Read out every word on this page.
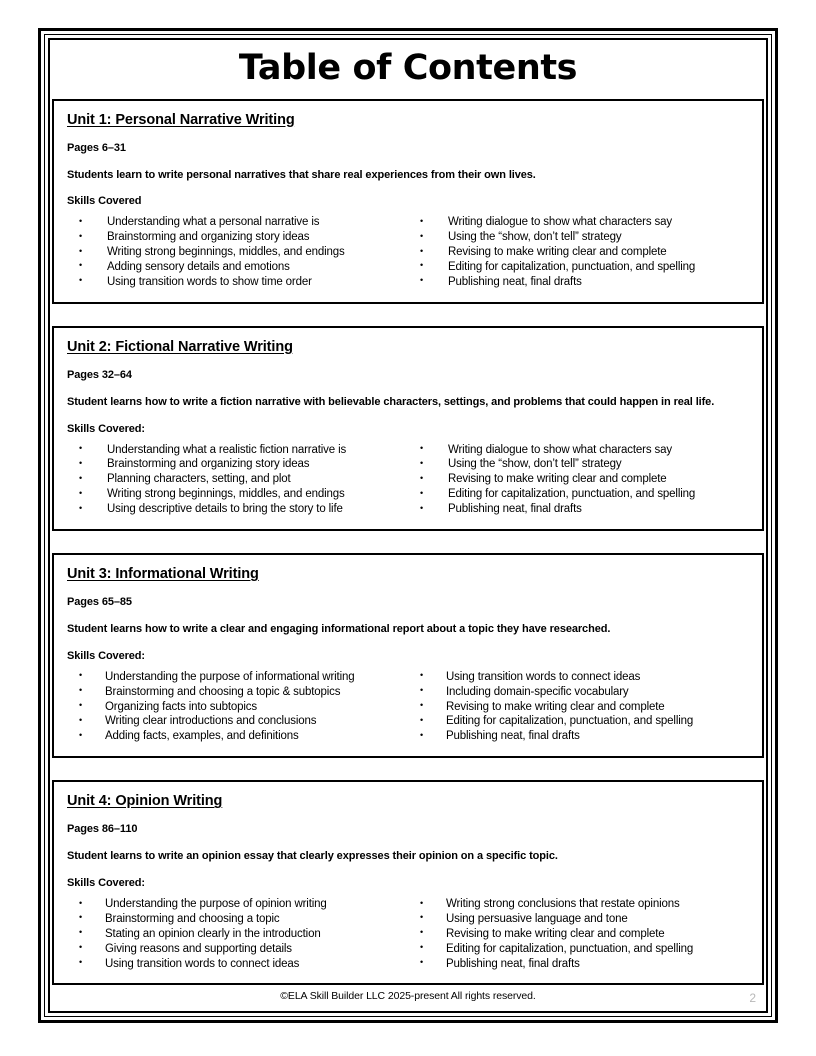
Table of Contents
Unit 1: Personal Narrative Writing
Pages 6–31
Students learn to write personal narratives that share real experiences from their own lives.
Skills Covered
• Understanding what a personal narrative is
• Brainstorming and organizing story ideas
• Writing strong beginnings, middles, and endings
• Adding sensory details and emotions
• Using transition words to show time order
• Writing dialogue to show what characters say
• Using the “show, don’t tell” strategy
• Revising to make writing clear and complete
• Editing for capitalization, punctuation, and spelling
• Publishing neat, final drafts
Unit 2: Fictional Narrative Writing
Pages 32–64
Student learns how to write a fiction narrative with believable characters, settings, and problems that could happen in real life.
Skills Covered:
• Understanding what a realistic fiction narrative is
• Brainstorming and organizing story ideas
• Planning characters, setting, and plot
• Writing strong beginnings, middles, and endings
• Using descriptive details to bring the story to life
• Writing dialogue to show what characters say
• Using the “show, don’t tell” strategy
• Revising to make writing clear and complete
• Editing for capitalization, punctuation, and spelling
• Publishing neat, final drafts
Unit 3: Informational Writing
Pages 65–85
Student learns how to write a clear and engaging informational report about a topic they have researched.
Skills Covered:
• Understanding the purpose of informational writing
• Brainstorming and choosing a topic & subtopics
• Organizing facts into subtopics
• Writing clear introductions and conclusions
• Adding facts, examples, and definitions
• Using transition words to connect ideas
• Including domain-specific vocabulary
• Revising to make writing clear and complete
• Editing for capitalization, punctuation, and spelling
• Publishing neat, final drafts
Unit 4: Opinion Writing
Pages 86–110
Student learns to write an opinion essay that clearly expresses their opinion on a specific topic.
Skills Covered:
• Understanding the purpose of opinion writing
• Brainstorming and choosing a topic
• Stating an opinion clearly in the introduction
• Giving reasons and supporting details
• Using transition words to connect ideas
• Writing strong conclusions that restate opinions
• Using persuasive language and tone
• Revising to make writing clear and complete
• Editing for capitalization, punctuation, and spelling
• Publishing neat, final drafts
©ELA Skill Builder LLC 2025-present All rights reserved.	2
